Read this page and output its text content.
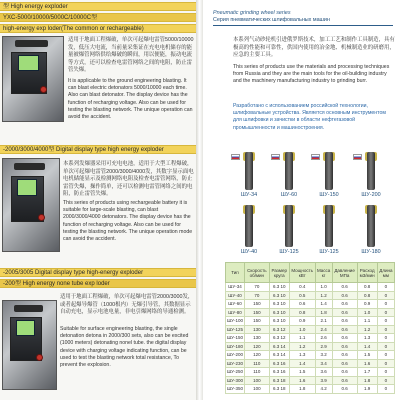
型 High energy exploder
YXC-5000/10000/5000C/10000C型
high-energy exp loder(The common or rechargeable)
适用于地面工程爆破，单次可起爆电雷管5000/10000发，低压大电流，当前量采集证在充电电机储存的能量被爆管网络供给爆破的瞬间，用以便能，振动电流等方式，还可以检查电雷管网络之间的电阻，防止雷管失爆。
It is applicable to the ground engineering blasting. It can blast electric detonators 5000/10000 each time. Also can blast detonator. The display device has the function of recharging voltage. Also can be used for testing the blasting network. The unique operation can avoid the accident.
-2000/3000/4000型 Digital display type high energy exploder
本系列发爆器采用可充电电池，适用于大型工程爆破，单次可起爆电雷管2000/3000/4000发，其数字显示面电电机储能显示及检测网络电阻及检查电雷管网络，防止雷管失爆，操作简单，还可以检测电雷管网络之间的电阻，防止雷管失爆。
This series of products using rechargeable battery it is suitable for large-scale blasting, can blast 2000/3000/4000 detonators. The display device has the function of recharging voltage. Also can be used for testing the blasting network. The unique operation mode can avoid the accident.
-2005/3005 Digital display type high-energy exploder
-200型 High energy none tube exp loder
适用于地面工程爆破，单次可起爆电雷管2000/3000发，或者起爆导爆管（1000根内）无爆引导管，其数据显示自动充电，显示电池电量，非电引爆网络的导通检测。
Suitable for surface engineering blasting, the single detonation detona in 2000/300 sets, also can be excited (1000 meters) detonating nonel tube. the digital display device with charging voltage indicating function, can be used to test the blasting network total resistance, To prevent the explosion.
Pneumatic grinding wheel series
Серия пневматических шлифовальных машин
本系列气动砂轮机引进俄罗斯技术，加工工艺和制作工具制造，具有极高的性能和可靠性，供国内使用的冶金地、机械制造业的研磨用，应急的主要工具。
This series of products use the materials and processing techniques from Russia and they are the main tools for the oil-building industry and the machinery manufacturing industry to grinding burr.
Разработано с использованием российской технологии, шлифовальные устройства. Является основным инструментом для шлифовки и зачистки в области нефтегазовой промышленности и машиностроения.
ШУ-34	ШУ-60	ШУ-150	ШУ-200
ШУ-40	ШУ-125	ШУ-125	ШУ-180
Тип	Скорость об/мин	Размер круга	Мощность кВт	Масса кг	Давление МПа	Расход м3/мин	Длина мм
ШУ-34	70	6.3 10	0.4	1.0	0.6	0.8	0
ШУ-40	70	6.3 10	0.5	1.2	0.6	0.8	0
ШУ-60	150	6.3 10	0.6	1.4	0.6	0.9	0
ШУ-80	150	6.3 10	0.8	1.8	0.6	1.0	0
ШУ-100	150	6.3 10	0.9	2.1	0.6	1.1	0
ШУ-125	130	6.3 12	1.0	2.4	0.6	1.2	0
ШУ-150	130	6.3 12	1.1	2.6	0.6	1.3	0
ШУ-180	120	6.3 14	1.2	2.9	0.6	1.4	0
ШУ-200	120	6.3 14	1.3	3.2	0.6	1.5	0
ШУ-230	110	6.3 16	1.4	3.4	0.6	1.6	0
ШУ-250	110	6.3 16	1.5	3.6	0.6	1.7	0
ШУ-300	100	6.3 18	1.6	3.9	0.6	1.8	0
ШУ-350	100	6.3 18	1.8	4.2	0.6	1.9	0
